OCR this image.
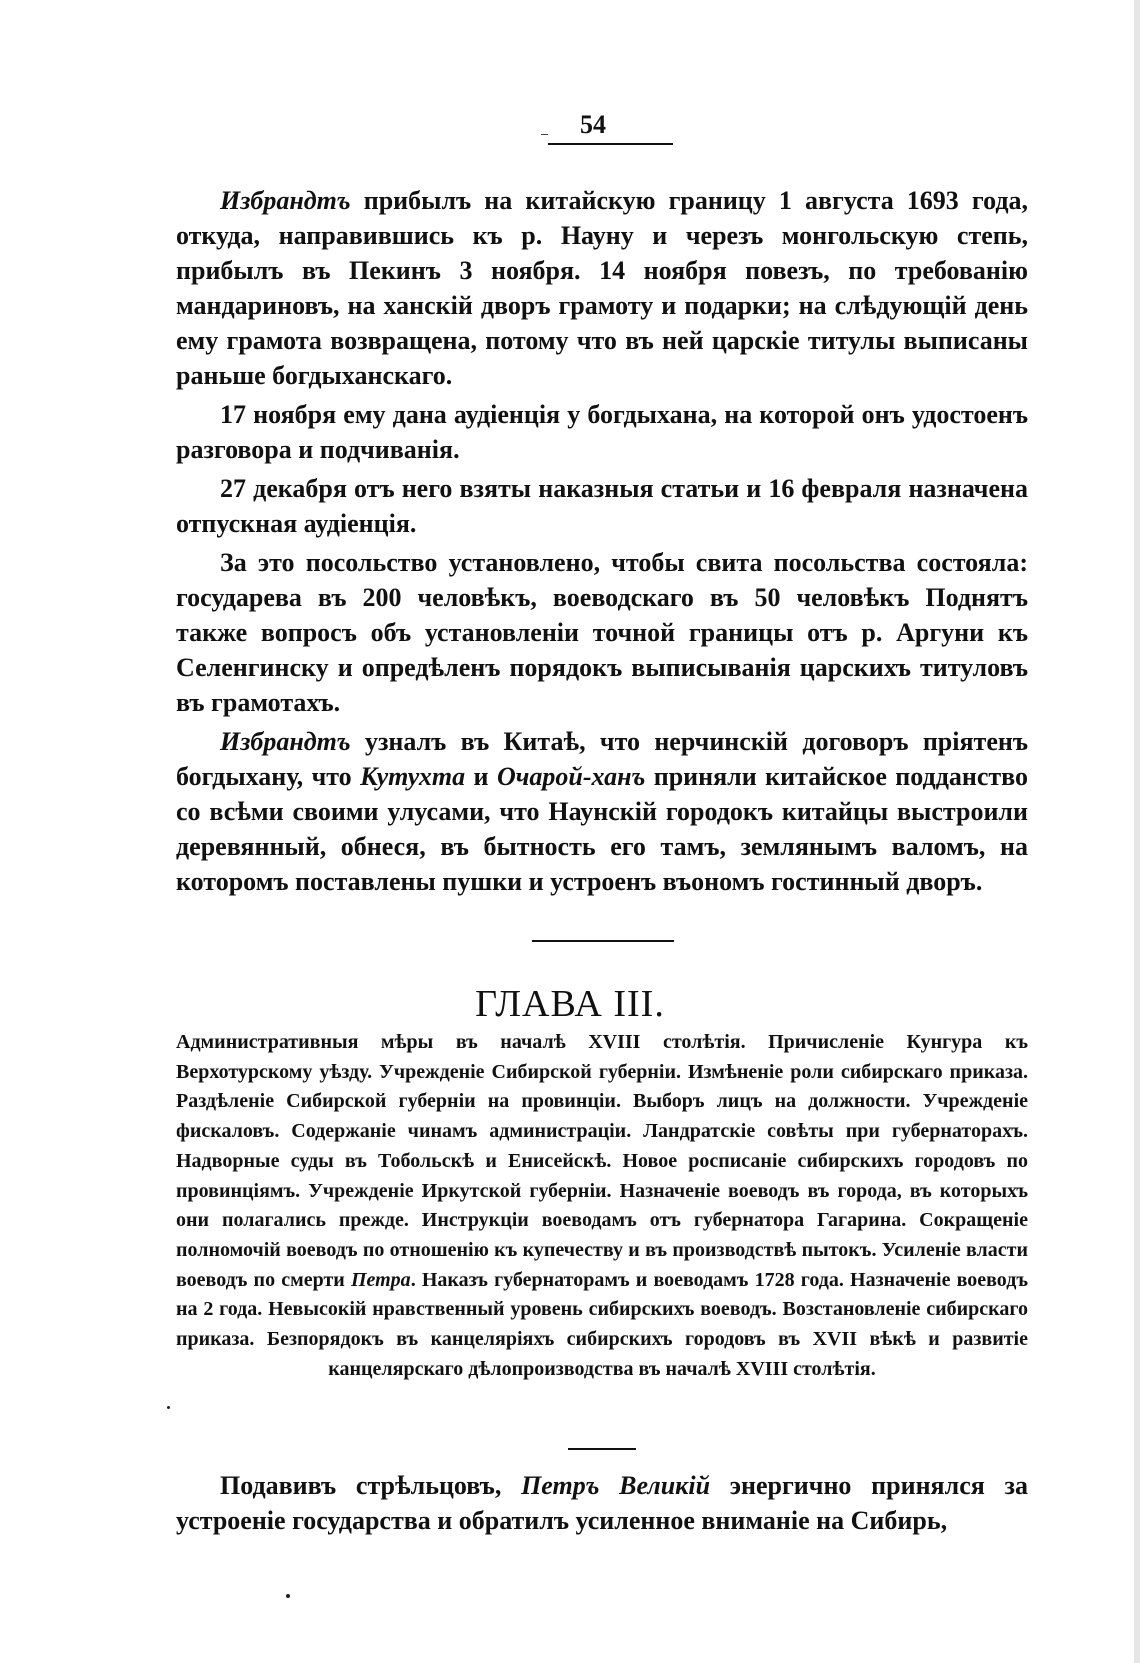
54

Избрандтъ прибылъ на китайскую границу 1 августа 1693 года, откуда, направившись къ р. Науну и черезъ монгольскую степь, прибылъ въ Пекинъ 3 ноября. 14 ноября повезъ, по требованію мандариновъ, на ханскій дворъ грамоту и подарки; на слѣдующій день ему грамота возвращена, потому что въ ней царскіе титулы выписаны раньше богдыханскаго.

17 ноября ему дана аудіенція у богдыхана, на которой онъ удостоенъ разговора и подчиванія.

27 декабря отъ него взяты наказныя статьи и 16 февраля назначена отпускная аудіенція.

За это посольство установлено, чтобы свита посольства состояла: государева въ 200 человѣкъ, воеводскаго въ 50 человѣкъ Поднятъ также вопросъ объ установленіи точной границы отъ р. Аргуни къ Селенгинску и опредѣленъ порядокъ выписыванія царскихъ титуловъ въ грамотахъ.

Избрандтъ узналъ въ Китаѣ, что нерчинскій договоръ пріятенъ богдыхану, что Кутухта и Очарой-ханъ приняли китайское подданство со всѣми своими улусами, что Наунскій городокъ китайцы выстроили деревянный, обнеся, въ бытность его тамъ, землянымъ валомъ, на которомъ поставлены пушки и устроенъ въономъ гостинный дворъ.

ГЛАВА III.

Административныя мѣры въ началѣ XVIII столѣтія. Причисленіе Кунгура къ Верхотурскому уѣзду. Учрежденіе Сибирской губерніи. Измѣненіе роли сибирскаго приказа. Раздѣленіе Сибирской губерніи на провинціи. Выборъ лицъ на должности. Учрежденіе фискаловъ. Содержаніе чинамъ администраціи. Ландратскіе совѣты при губернаторахъ. Надворные суды въ Тобольскѣ и Енисейскѣ. Новое росписаніе сибирскихъ городовъ по провинціямъ. Учрежденіе Иркутской губерніи. Назначеніе воеводъ въ города, въ которыхъ они полагались прежде. Инструкціи воеводамъ отъ губернатора Гагарина. Сокращеніе полномочій воеводъ по отношенію къ купечеству и въ производствѣ пытокъ. Усиленіе власти воеводъ по смерти Петра. Наказъ губернаторамъ и воеводамъ 1728 года. Назначеніе воеводъ на 2 года. Невысокій нравственный уровень сибирскихъ воеводъ. Возстановленіе сибирскаго приказа. Безпорядокъ въ канцеляріяхъ сибирскихъ городовъ въ XVII вѣкѣ и развитіе канцелярскаго дѣлопроизводства въ началѣ XVIII столѣтія.

Подавивъ стрѣльцовъ, Петръ Великій энергично принялся за устроеніе государства и обратилъ усиленное вниманіе на Сибирь,
